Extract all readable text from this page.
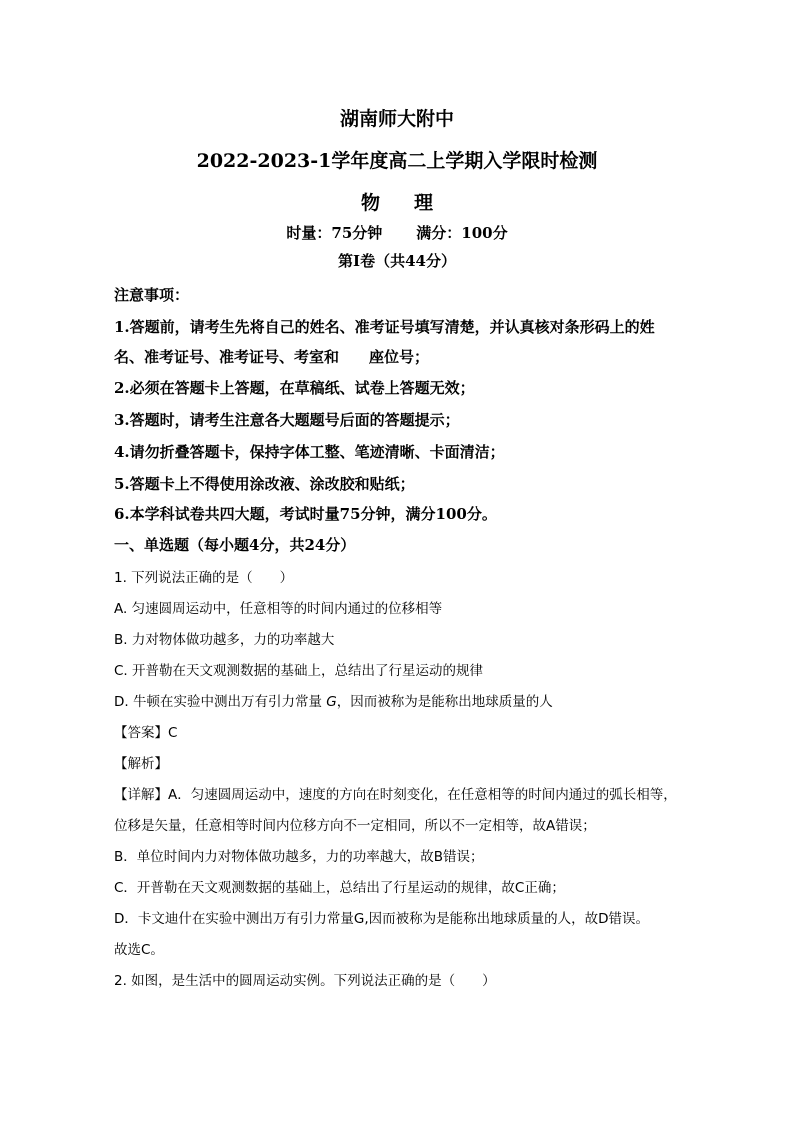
湖南师大附中
2022-2023-1学年度高二上学期入学限时检测
物 理
时量：75分钟 满分：100分
第I卷（共44分）
注意事项：
1.答题前，请考生先将自己的姓名、准考证号填写清楚，并认真核对条形码上的姓
名、准考证号、准考证号、考室和 座位号；
2.必须在答题卡上答题，在草稿纸、试卷上答题无效；
3.答题时，请考生注意各大题题号后面的答题提示；
4.请勿折叠答题卡，保持字体工整、笔迹清晰、卡面清洁；
5.答题卡上不得使用涂改液、涂改胶和贴纸；
6.本学科试卷共四大题，考试时量75分钟，满分100分。
一、单选题（每小题4分，共24分）
1. 下列说法正确的是（　　）
A. 匀速圆周运动中，任意相等的时间内通过的位移相等
B. 力对物体做功越多，力的功率越大
C. 开普勒在天文观测数据的基础上，总结出了行星运动的规律
D. 牛顿在实验中测出万有引力常量 G，因而被称为是能称出地球质量的人
【答案】C
【解析】
【详解】A．匀速圆周运动中，速度的方向在时刻变化，在任意相等的时间内通过的弧长相等，
位移是矢量，任意相等时间内位移方向不一定相同，所以不一定相等，故A错误；
B．单位时间内力对物体做功越多，力的功率越大，故B错误；
C．开普勒在天文观测数据的基础上，总结出了行星运动的规律，故C正确；
D．卡文迪什在实验中测出万有引力常量G,因而被称为是能称出地球质量的人，故D错误。
故选C。
2. 如图，是生活中的圆周运动实例。下列说法正确的是（　　）
